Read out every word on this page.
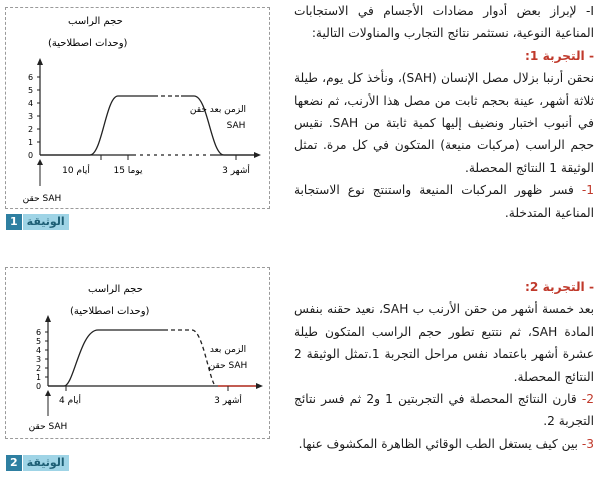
I- لإبراز بعض أدوار مضادات الأجسام في الاستجابات المناعية النوعية، نستثمر نتائج التجارب والمناولات التالية:

- التجربة 1:

نحقن أرنبا بزلال مصل الإنسان (SAH)، ونأخذ كل يوم، طيلة ثلاثة أشهر، عينة بحجم ثابت من مصل هذا الأرنب، ثم نضعها في أنبوب اختبار ونضيف إليها كمية ثابتة من SAH. نقيس حجم الراسب (مركبات منيعة) المتكون في كل مرة. تمثل الوثيقة 1 النتائج المحصلة.

1- فسر ظهور المركبات المنيعة واستنتج نوع الاستجابة المناعية المتدخلة.

- التجربة 2:

بعد خمسة أشهر من حقن الأرنب ب SAH، نعيد حقنه بنفس المادة SAH، ثم نتتبع تطور حجم الراسب المتكون طيلة عشرة أشهر باعتماد نفس مراحل التجربة 1.تمثل الوثيقة 2 النتائج المحصلة.

2- قارن النتائج المحصلة في التجربتين 1 و2 ثم فسر نتائج التجربة 2.

3- بين كيف يستغل الطب الوقائي الظاهرة المكشوف عنها.

حجم الراسب
(وحدات اصطلاحية)
0
1
2
3
4
5
6
الزمن بعد حقن
SAH
10 أيام	15 يوما	3 أشهر
حقن SAH
الوثيقة
1
حجم الراسب
(وحدات اصطلاحية)
0
1
2
3
4
5
6
الزمن بعد
حقن SAH
4 أيام	3 أشهر
حقن SAH
الوثيقة
2
